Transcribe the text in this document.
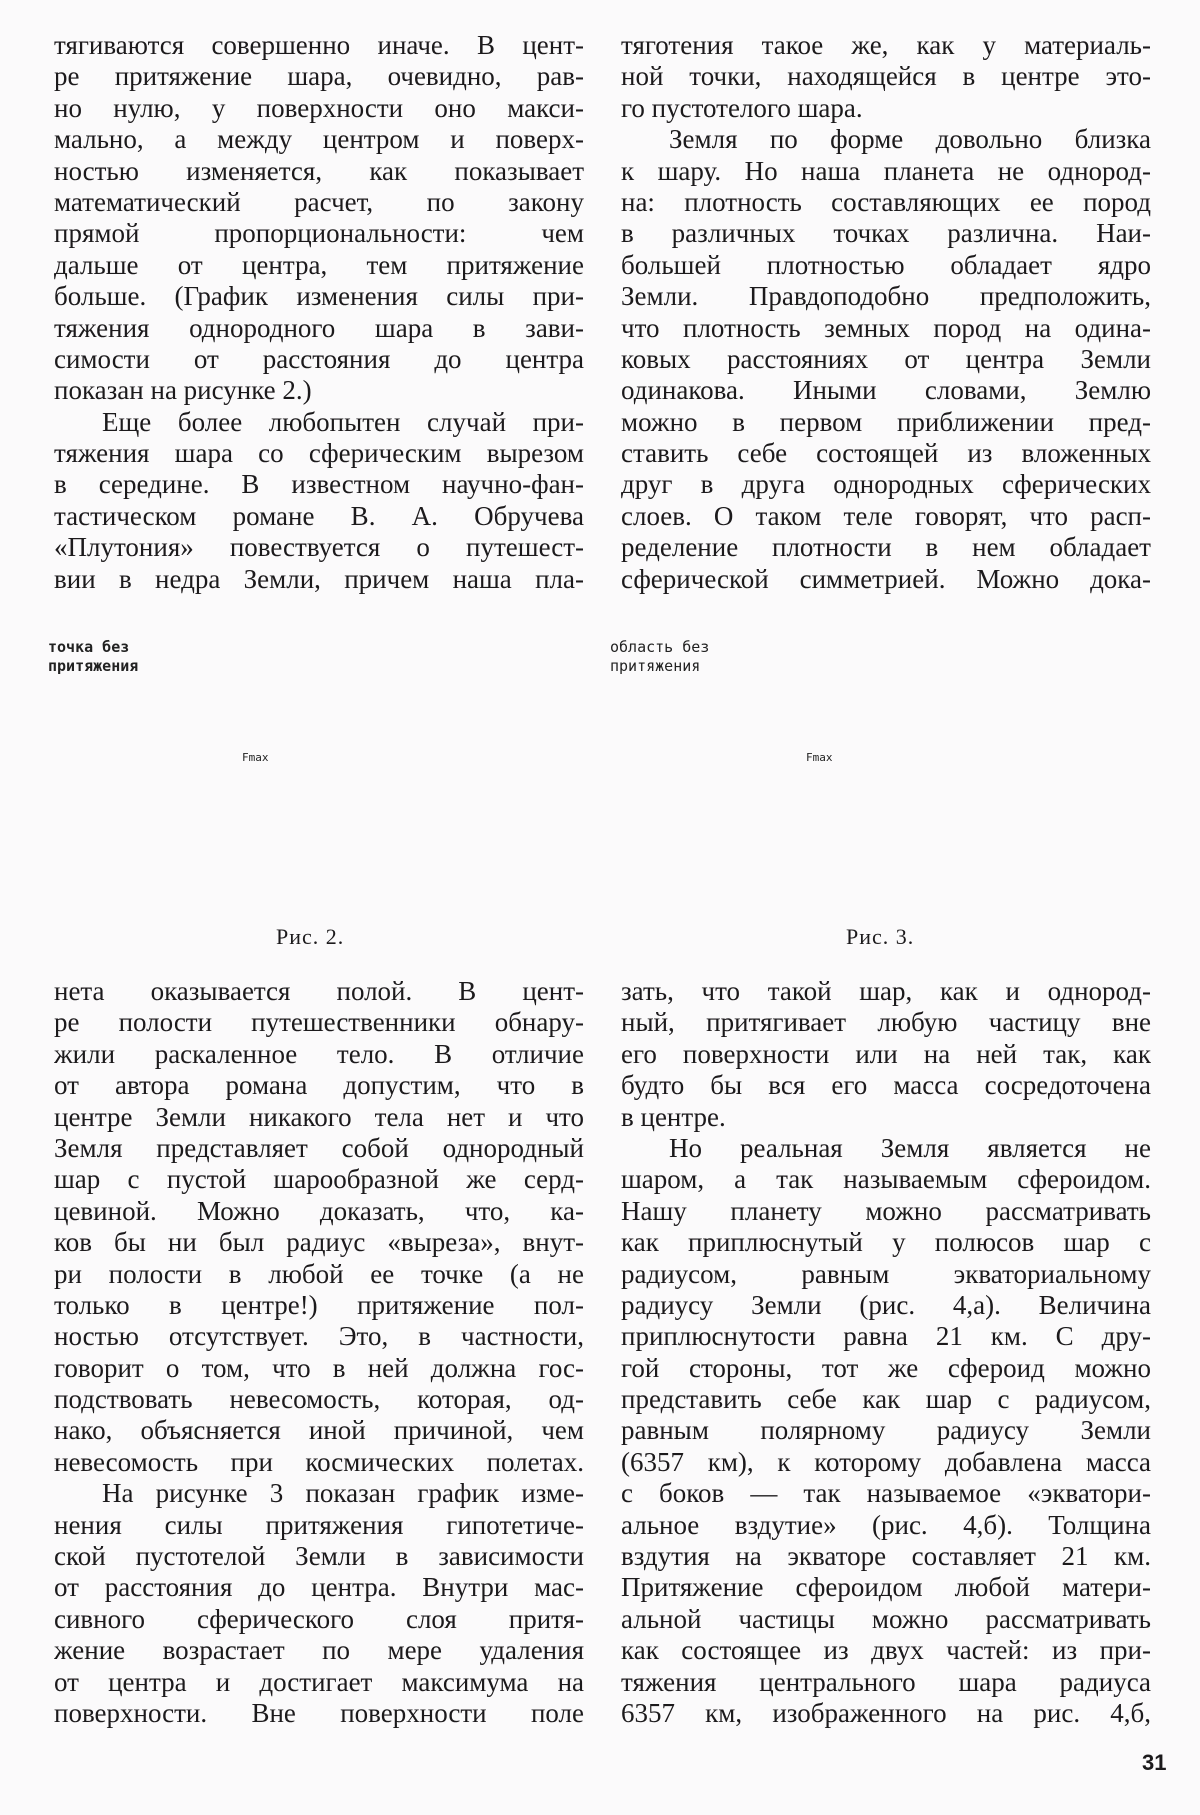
тягиваются совершенно иначе. В цент-
ре притяжение шара, очевидно, рав-
но нулю, у поверхности оно макси-
мально, а между центром и поверх-
ностью изменяется, как показывает
математический расчет, по закону
прямой пропорциональности: чем
дальше от центра, тем притяжение
больше. (График изменения силы при-
тяжения однородного шара в зави-
симости от расстояния до центра
показан на рисунке 2.)
Еще более любопытен случай при-
тяжения шара со сферическим вырезом
в середине. В известном научно-фан-
тастическом романе В. А. Обручева
«Плутония» повествуется о путешест-
вии в недра Земли, причем наша пла-
тяготения такое же, как у материаль-
ной точки, находящейся в центре это-
го пустотелого шара.
Земля по форме довольно близка
к шару. Но наша планета не однород-
на: плотность составляющих ее пород
в различных точках различна. Наи-
большей плотностью обладает ядро
Земли. Правдоподобно предположить,
что плотность земных пород на одина-
ковых расстояниях от центра Земли
одинакова. Иными словами, Землю
можно в первом приближении пред-
ставить себе состоящей из вложенных
друг в друга однородных сферических
слоев. О таком теле говорят, что расп-
ределение плотности в нем обладает
сферической симметрией. Можно дока-
точка без
притяжения
Fmax
Рис. 2.
область без
притяжения
Fmax
Рис. 3.
нета оказывается полой. В цент-
ре полости путешественники обнару-
жили раскаленное тело. В отличие
от автора романа допустим, что в
центре Земли никакого тела нет и что
Земля представляет собой однородный
шар с пустой шарообразной же серд-
цевиной. Можно доказать, что, ка-
ков бы ни был радиус «выреза», внут-
ри полости в любой ее точке (а не
только в центре!) притяжение пол-
ностью отсутствует. Это, в частности,
говорит о том, что в ней должна гос-
подствовать невесомость, которая, од-
нако, объясняется иной причиной, чем
невесомость при космических полетах.
На рисунке 3 показан график изме-
нения силы притяжения гипотетиче-
ской пустотелой Земли в зависимости
от расстояния до центра. Внутри мас-
сивного сферического слоя притя-
жение возрастает по мере удаления
от центра и достигает максимума на
поверхности. Вне поверхности поле
зать, что такой шар, как и однород-
ный, притягивает любую частицу вне
его поверхности или на ней так, как
будто бы вся его масса сосредоточена
в центре.
Но реальная Земля является не
шаром, а так называемым сфероидом.
Нашу планету можно рассматривать
как приплюснутый у полюсов шар с
радиусом, равным экваториальному
радиусу Земли (рис. 4,а). Величина
приплюснутости равна 21 км. С дру-
гой стороны, тот же сфероид можно
представить себе как шар с радиусом,
равным полярному радиусу Земли
(6357 км), к которому добавлена масса
с боков — так называемое «экватори-
альное вздутие» (рис. 4,б). Толщина
вздутия на экваторе составляет 21 км.
Притяжение сфероидом любой матери-
альной частицы можно рассматривать
как состоящее из двух частей: из при-
тяжения центрального шара радиуса
6357 км, изображенного на рис. 4,б,
31
